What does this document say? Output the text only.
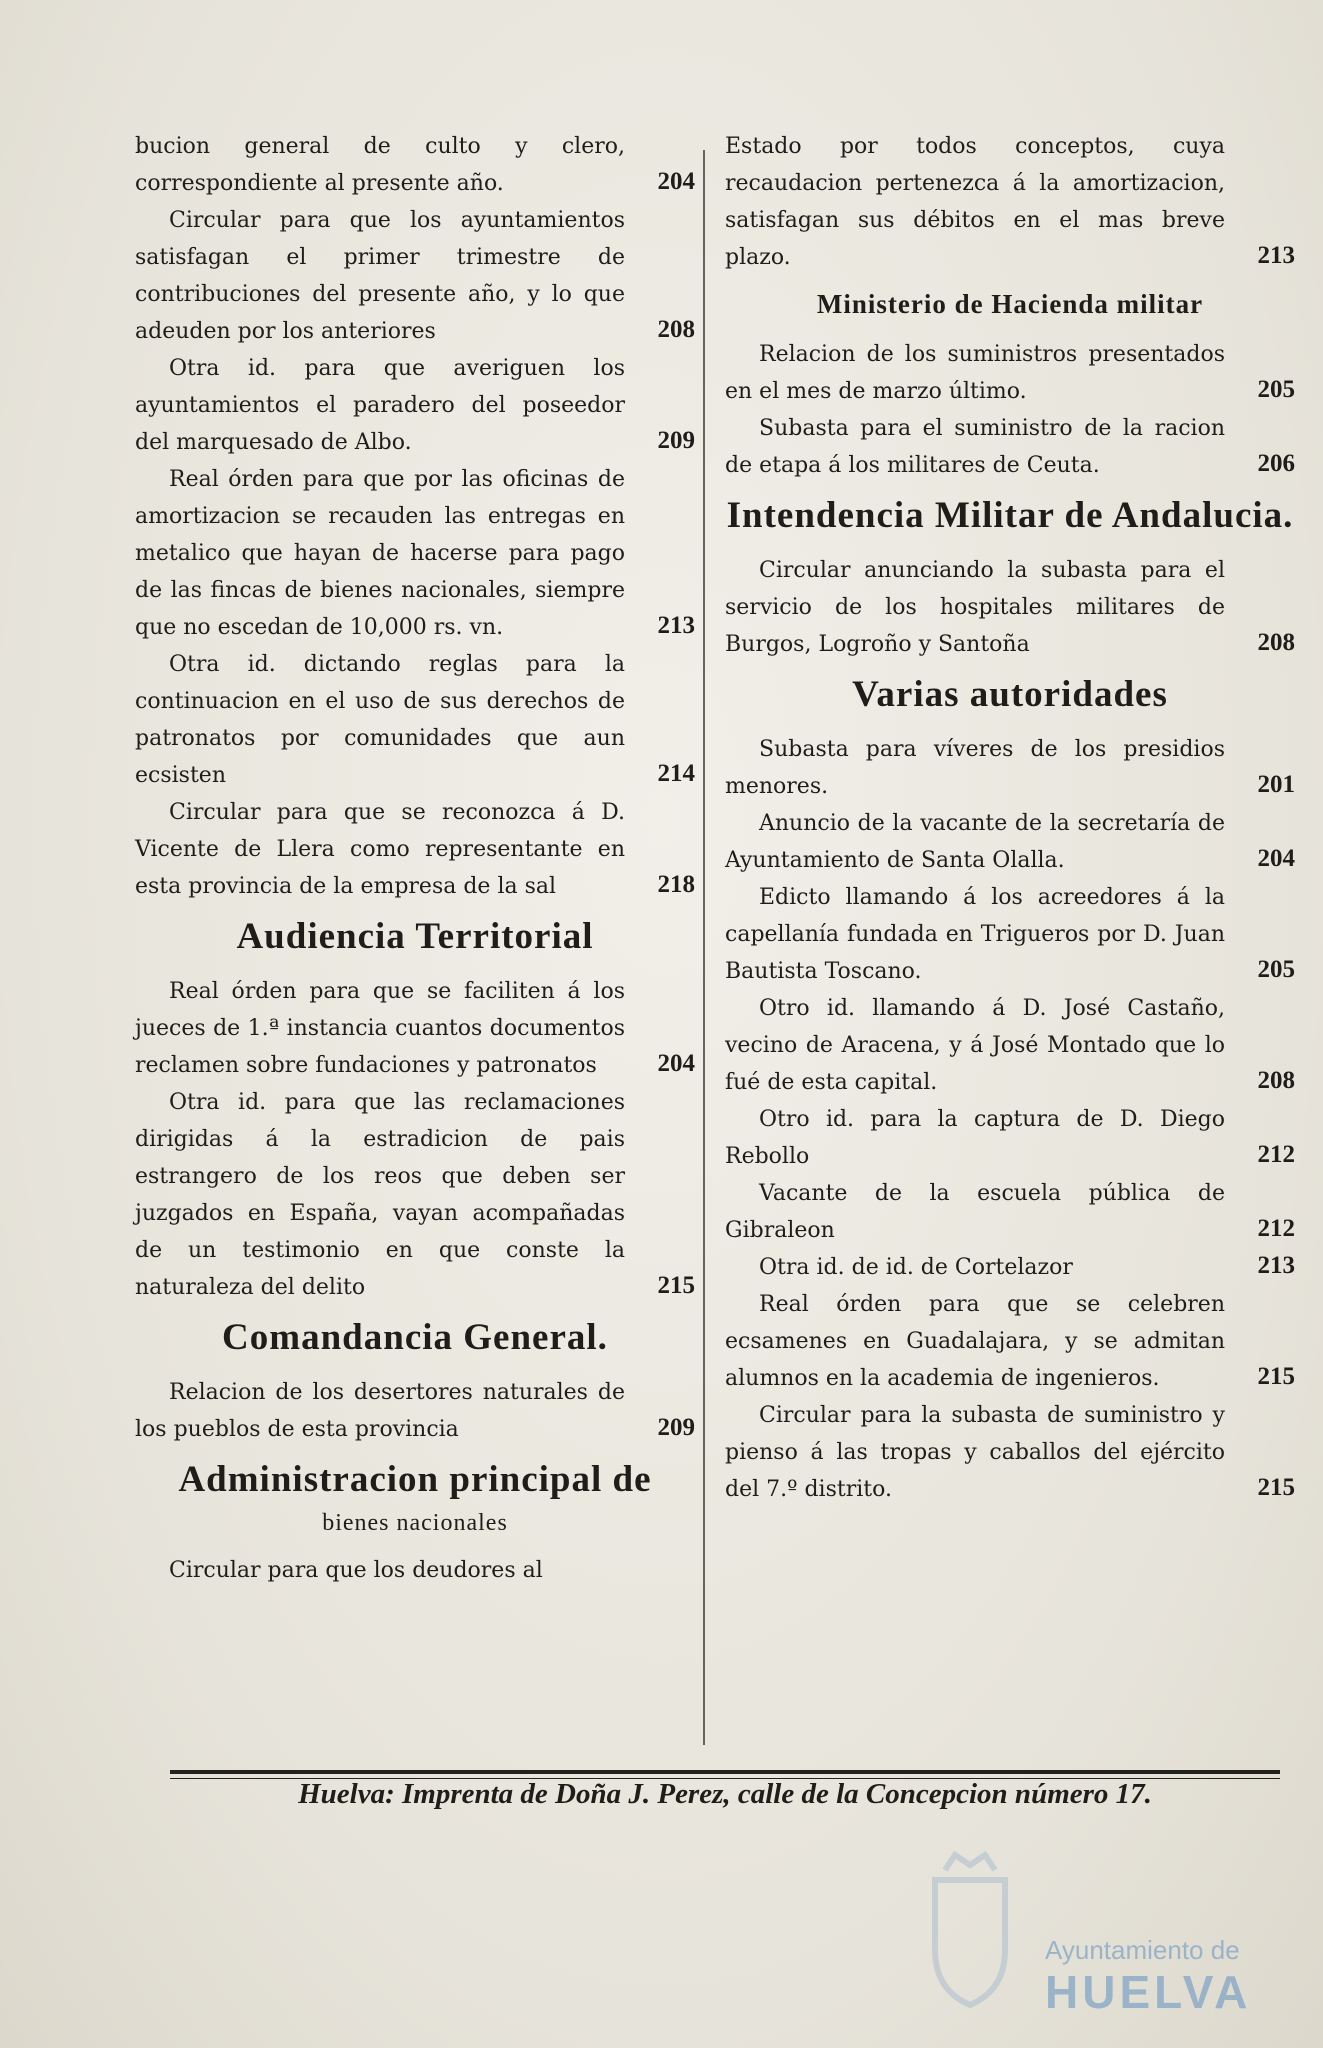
bucion general de culto y clero, correspondiente al presente año.	204

Circular para que los ayuntamientos satisfagan el primer trimestre de contribuciones del presente año, y lo que adeuden por los anteriores	208

Otra id. para que averiguen los ayuntamientos el paradero del poseedor del marquesado de Albo.	209

Real órden para que por las oficinas de amortizacion se recauden las entregas en metalico que hayan de hacerse para pago de las fincas de bienes nacionales, siempre que no escedan de 10,000 rs. vn.	213

Otra id. dictando reglas para la continuacion en el uso de sus derechos de patronatos por comunidades que aun ecsisten	214

Circular para que se reconozca á D. Vicente de Llera como representante en esta provincia de la empresa de la sal	218

Audiencia Territorial

Real órden para que se faciliten á los jueces de 1.ª instancia cuantos documentos reclamen sobre fundaciones y patronatos	204

Otra id. para que las reclamaciones dirigidas á la estradicion de pais estrangero de los reos que deben ser juzgados en España, vayan acompañadas de un testimonio en que conste la naturaleza del delito	215

Comandancia General.

Relacion de los desertores naturales de los pueblos de esta provincia	209

Administracion principal de
bienes nacionales

Circular para que los deudores al

Estado por todos conceptos, cuya recaudacion pertenezca á la amortizacion, satisfagan sus débitos en el mas breve plazo.	213

Ministerio de Hacienda militar

Relacion de los suministros presentados en el mes de marzo último.	205

Subasta para el suministro de la racion de etapa á los militares de Ceuta.	206

Intendencia Militar de Andalucia.

Circular anunciando la subasta para el servicio de los hospitales militares de Burgos, Logroño y Santoña	208

Varias autoridades

Subasta para víveres de los presidios menores.	201

Anuncio de la vacante de la secretaría de Ayuntamiento de Santa Olalla.	204

Edicto llamando á los acreedores á la capellanía fundada en Trigueros por D. Juan Bautista Toscano.	205

Otro id. llamando á D. José Castaño, vecino de Aracena, y á José Montado que lo fué de esta capital.	208

Otro id. para la captura de D. Diego Rebollo	212

Vacante de la escuela pública de Gibraleon	212

Otra id. de id. de Cortelazor	213

Real órden para que se celebren ecsamenes en Guadalajara, y se admitan alumnos en la academia de ingenieros.	215

Circular para la subasta de suministro y pienso á las tropas y caballos del ejército del 7.º distrito.	215

Huelva: Imprenta de Doña J. Perez, calle de la Concepcion número 17.
Ayuntamiento de
HUELVA
